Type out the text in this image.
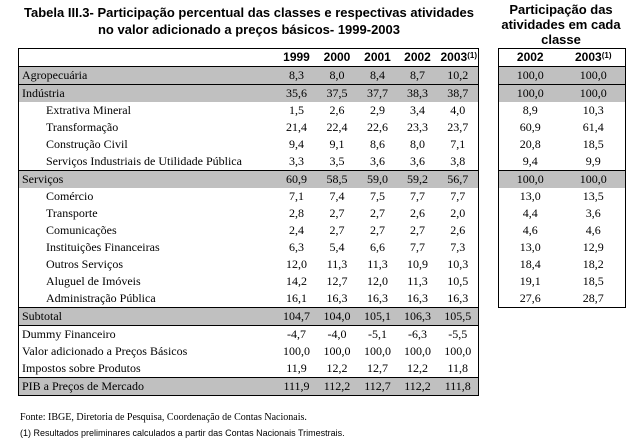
Tabela III.3- Participação percentual das classes e respectivas atividades no valor adicionado a preços básicos- 1999-2003
Participação das atividades em cada classe
	1999	2000	2001	2002	2003$^{(1)}$
Agropecuária	8,3	8,0	8,4	8,7	10,2
Indústria	35,6	37,5	37,7	38,3	38,7
Extrativa Mineral	1,5	2,6	2,9	3,4	4,0
Transformação	21,4	22,4	22,6	23,3	23,7
Construção Civil	9,4	9,1	8,6	8,0	7,1
Serviços Industriais de Utilidade Pública	3,3	3,5	3,6	3,6	3,8
Serviços	60,9	58,5	59,0	59,2	56,7
Comércio	7,1	7,4	7,5	7,7	7,7
Transporte	2,8	2,7	2,7	2,6	2,0
Comunicações	2,4	2,7	2,7	2,7	2,6
Instituições Financeiras	6,3	5,4	6,6	7,7	7,3
Outros Serviços	12,0	11,3	11,3	10,9	10,3
Aluguel de Imóveis	14,2	12,7	12,0	11,3	10,5
Administração Pública	16,1	16,3	16,3	16,3	16,3
Subtotal	104,7	104,0	105,1	106,3	105,5
Dummy Financeiro	-4,7	-4,0	-5,1	-6,3	-5,5
Valor adicionado a Preços Básicos	100,0	100,0	100,0	100,0	100,0
Impostos sobre Produtos	11,9	12,2	12,7	12,2	11,8
PIB a Preços de Mercado	111,9	112,2	112,7	112,2	111,8
2002	2003$^{(1)}$
100,0	100,0
100,0	100,0
8,9	10,3
60,9	61,4
20,8	18,5
9,4	9,9
100,0	100,0
13,0	13,5
4,4	3,6
4,6	4,6
13,0	12,9
18,4	18,2
19,1	18,5
27,6	28,7
Fonte: IBGE, Diretoria de Pesquisa, Coordenação de Contas Nacionais.
(1) Resultados preliminares calculados a partir das Contas Nacionais Trimestrais.
